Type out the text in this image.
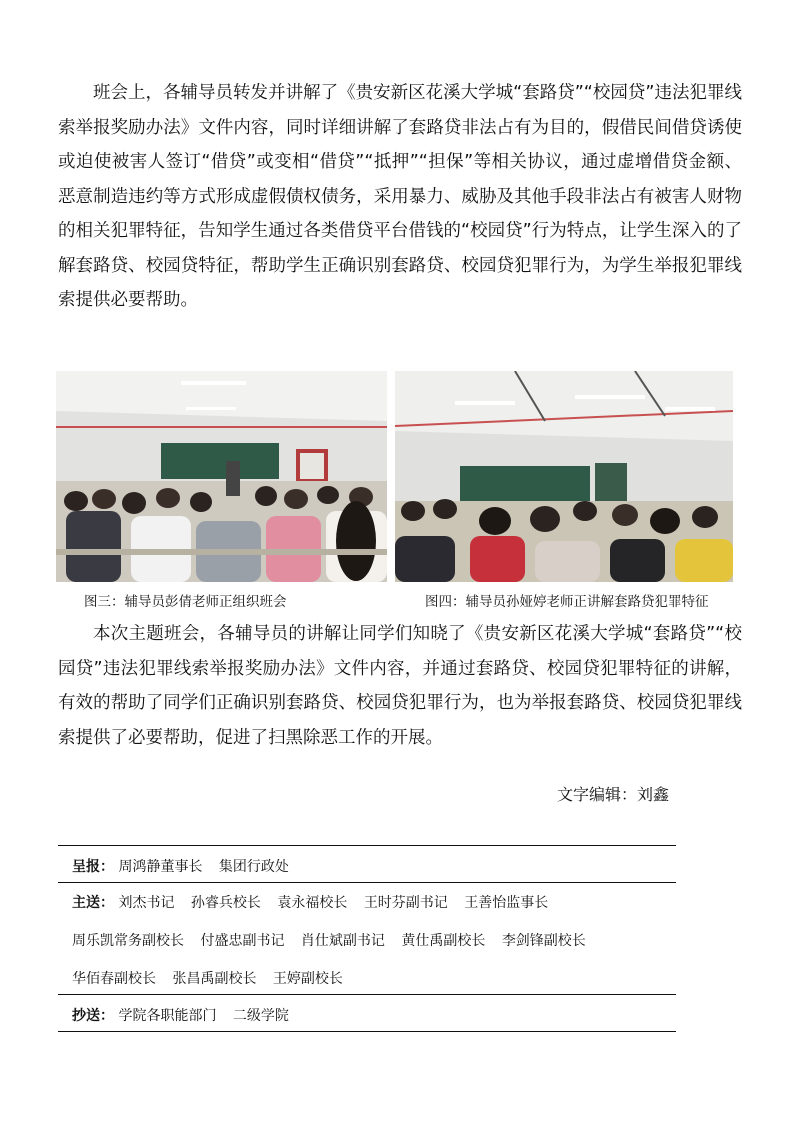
班会上，各辅导员转发并讲解了《贵安新区花溪大学城“套路贷”“校园贷”违法犯罪线索举报奖励办法》文件内容，同时详细讲解了套路贷非法占有为目的，假借民间借贷诱使或迫使被害人签订“借贷”或变相“借贷”“抵押”“担保”等相关协议，通过虚增借贷金额、恶意制造违约等方式形成虚假债权债务，采用暴力、威胁及其他手段非法占有被害人财物的相关犯罪特征，告知学生通过各类借贷平台借钱的“校园贷”行为特点，让学生深入的了解套路贷、校园贷特征，帮助学生正确识别套路贷、校园贷犯罪行为，为学生举报犯罪线索提供必要帮助。

图三：辅导员彭倩老师正组织班会	图四：辅导员孙娅婷老师正讲解套路贷犯罪特征

本次主题班会，各辅导员的讲解让同学们知晓了《贵安新区花溪大学城“套路贷”“校园贷”违法犯罪线索举报奖励办法》文件内容，并通过套路贷、校园贷犯罪特征的讲解，有效的帮助了同学们正确识别套路贷、校园贷犯罪行为，也为举报套路贷、校园贷犯罪线索提供了必要帮助，促进了扫黑除恶工作的开展。

文字编辑：刘鑫
呈报： 周鸿静董事长 集团行政处
主送： 刘杰书记 孙睿兵校长 袁永福校长 王时芬副书记 王善怡监事长
周乐凯常务副校长 付盛忠副书记 肖仕斌副书记 黄仕禹副校长 李剑锋副校长
华佰春副校长 张昌禹副校长 王婷副校长
抄送： 学院各职能部门 二级学院
